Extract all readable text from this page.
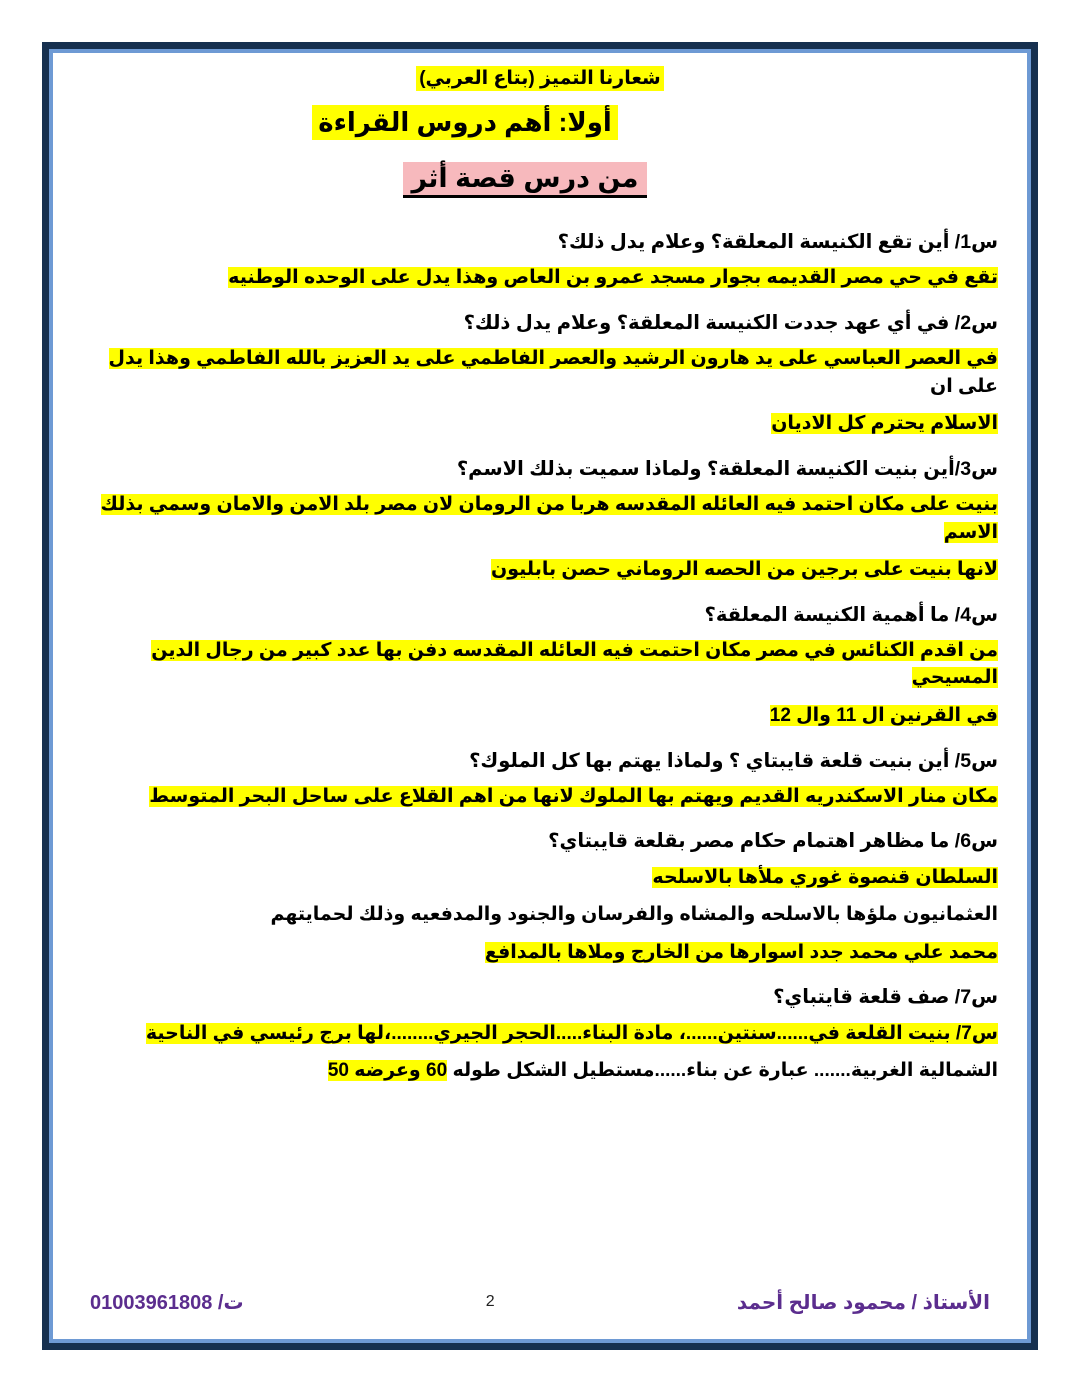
شعارنا التميز (بتاع العربي)
أولا: أهم دروس القراءة
من درس قصة أثر
س1/ أين تقع الكنيسة المعلقة؟ وعلام يدل ذلك؟
تقع في حي مصر القديمه بجوار مسجد عمرو بن العاص وهذا يدل على الوحده الوطنيه
س2/ في أي عهد جددت الكنيسة المعلقة؟ وعلام يدل ذلك؟
في العصر العباسي على يد هارون الرشيد والعصر الفاطمي على يد العزيز بالله الفاطمي وهذا يدل على ان
الاسلام يحترم كل الاديان
س3/أين بنيت الكنيسة المعلقة؟ ولماذا سميت بذلك الاسم؟
بنيت على مكان احتمد فيه العائله المقدسه هربا من الرومان لان مصر بلد الامن والامان وسمي بذلك الاسم
لانها بنيت على برجين من الحصه الروماني حصن بابليون
س4/ ما أهمية الكنيسة المعلقة؟
من اقدم الكنائس في مصر مكان احتمت فيه العائله المقدسه دفن بها عدد كبير من رجال الدين المسيحي
في القرنين ال 11 وال 12
س5/ أين بنيت قلعة قايبتاي ؟ ولماذا يهتم بها كل الملوك؟
مكان منار الاسكندريه القديم ويهتم بها الملوك لانها من اهم القلاع على ساحل البحر المتوسط
س6/ ما مظاهر اهتمام حكام مصر بقلعة قايبتاي؟
السلطان قنصوة غوري ملأها بالاسلحه
العثمانيون ملؤها بالاسلحه والمشاه والفرسان والجنود والمدفعيه وذلك لحمايتهم
محمد علي محمد جدد اسوارها من الخارج وملاها بالمدافع
س7/ صف قلعة قايتباي؟
س7/ بنيت القلعة في......سنتين......، مادة البناء.....الحجر الجيري........،لها برج رئيسي في الناحية
الشمالية الغربية....... عبارة عن بناء......مستطيل الشكل طوله 60 وعرضه 50
الأستاذ / محمود صالح أحمد
2
ت/ 01003961808
